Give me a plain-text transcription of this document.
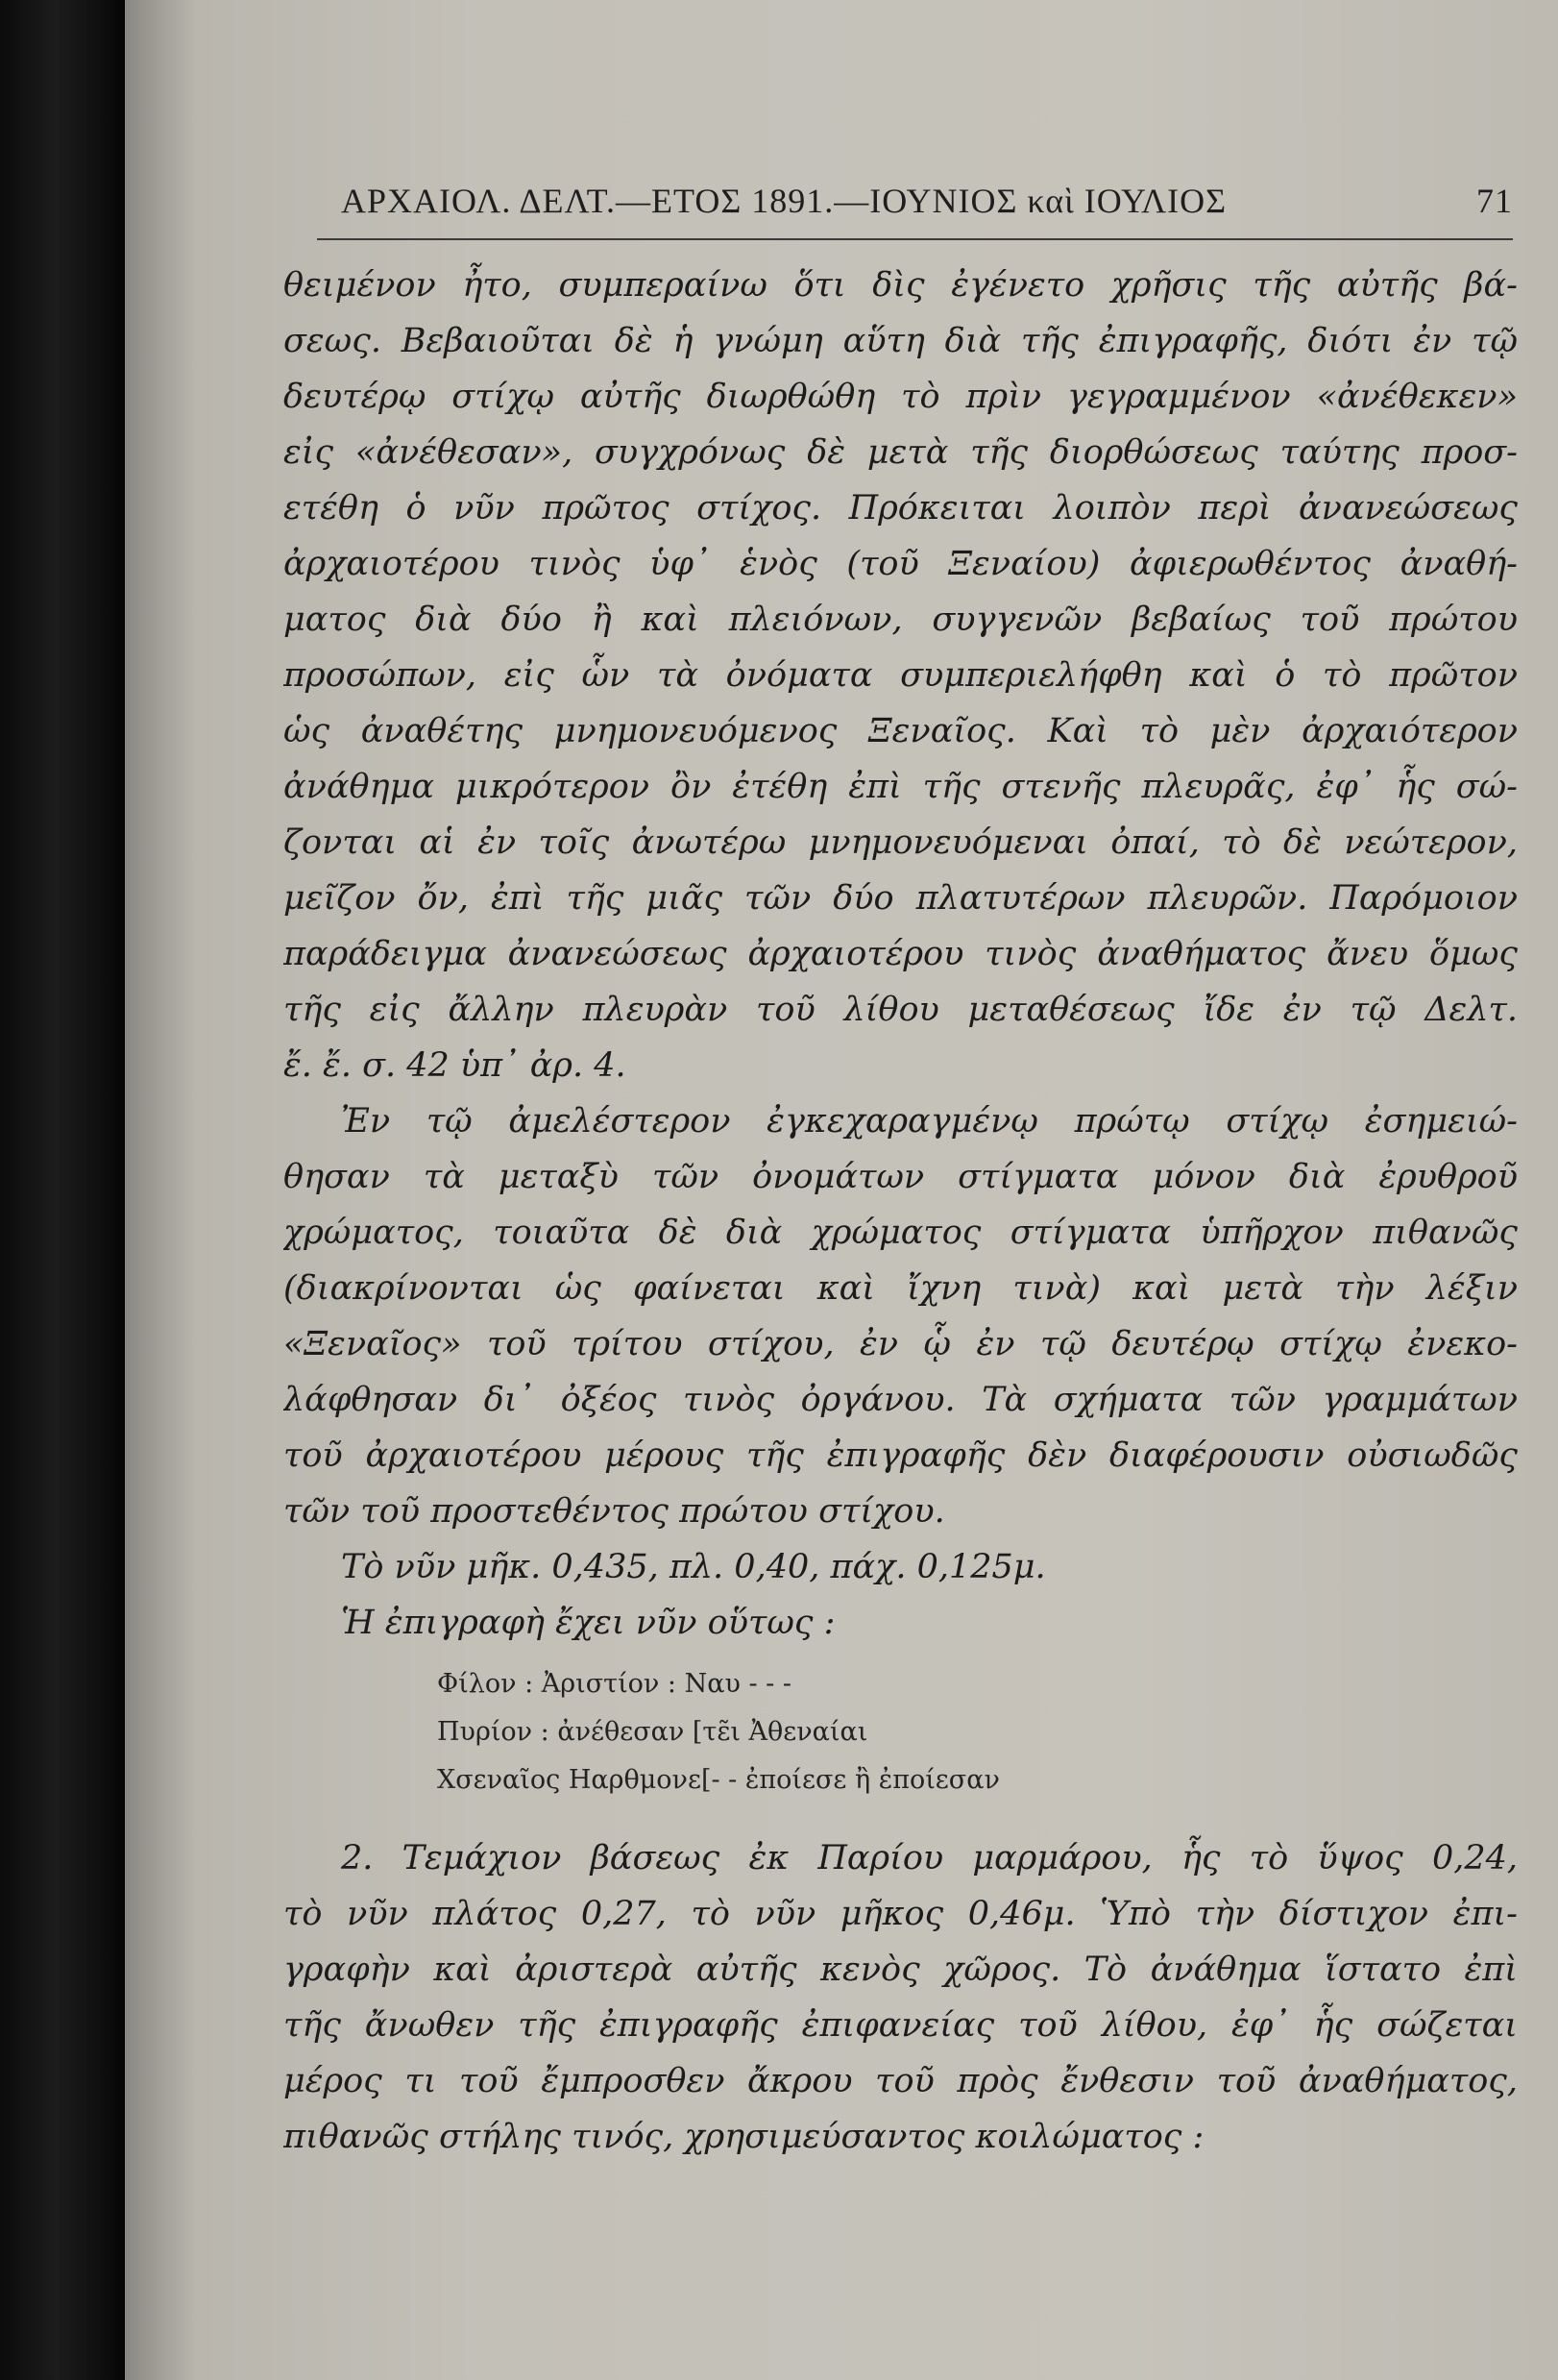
ΑΡΧΑΙΟΛ. ΔΕΛΤ.—ΕΤΟΣ 1891.—ΙΟΥΝΙΟΣ καὶ ΙΟΥΛΙΟΣ	71
θειμένον ἦτο, συμπεραίνω ὅτι δὶς ἐγένετο χρῆσις τῆς αὐτῆς βά-
σεως. Βεβαιοῦται δὲ ἡ γνώμη αὕτη διὰ τῆς ἐπιγραφῆς, διότι ἐν τῷ
δευτέρῳ στίχῳ αὐτῆς διωρθώθη τὸ πρὶν γεγραμμένον «ἀνέθεκεν»
εἰς «ἀνέθεσαν», συγχρόνως δὲ μετὰ τῆς διορθώσεως ταύτης προσ-
ετέθη ὁ νῦν πρῶτος στίχος. Πρόκειται λοιπὸν περὶ ἀνανεώσεως
ἀρχαιοτέρου τινὸς ὑφ᾽ ἑνὸς (τοῦ Ξεναίου) ἀφιερωθέντος ἀναθή-
ματος διὰ δύο ἢ καὶ πλειόνων, συγγενῶν βεβαίως τοῦ πρώτου
προσώπων, εἰς ὧν τὰ ὀνόματα συμπεριελήφθη καὶ ὁ τὸ πρῶτον
ὡς ἀναθέτης μνημονευόμενος Ξεναῖος. Καὶ τὸ μὲν ἀρχαιότερον
ἀνάθημα μικρότερον ὂν ἐτέθη ἐπὶ τῆς στενῆς πλευρᾶς, ἐφ᾽ ἧς σώ-
ζονται αἱ ἐν τοῖς ἀνωτέρω μνημονευόμεναι ὀπαί, τὸ δὲ νεώτερον,
μεῖζον ὄν, ἐπὶ τῆς μιᾶς τῶν δύο πλατυτέρων πλευρῶν. Παρόμοιον
παράδειγμα ἀνανεώσεως ἀρχαιοτέρου τινὸς ἀναθήματος ἄνευ ὅμως
τῆς εἰς ἄλλην πλευρὰν τοῦ λίθου μεταθέσεως ἴδε ἐν τῷ Δελτ.
ἔ. ἔ. σ. 42 ὑπ᾽ ἀρ. 4.
Ἐν τῷ ἀμελέστερον ἐγκεχαραγμένῳ πρώτῳ στίχῳ ἐσημειώ-
θησαν τὰ μεταξὺ τῶν ὀνομάτων στίγματα μόνον διὰ ἐρυθροῦ
χρώματος, τοιαῦτα δὲ διὰ χρώματος στίγματα ὑπῆρχον πιθανῶς
(διακρίνονται ὡς φαίνεται καὶ ἴχνη τινὰ) καὶ μετὰ τὴν λέξιν
«Ξεναῖος» τοῦ τρίτου στίχου, ἐν ᾧ ἐν τῷ δευτέρῳ στίχῳ ἐνεκο-
λάφθησαν δι᾽ ὀξέος τινὸς ὀργάνου. Τὰ σχήματα τῶν γραμμάτων
τοῦ ἀρχαιοτέρου μέρους τῆς ἐπιγραφῆς δὲν διαφέρουσιν οὐσιωδῶς
τῶν τοῦ προστεθέντος πρώτου στίχου.
Τὸ νῦν μῆκ. 0,435, πλ. 0,40, πάχ. 0,125μ.
Ἡ ἐπιγραφὴ ἔχει νῦν οὕτως :
Φίλον : Ἀριστίον : Ναυ - - -
Πυρίον : ἀνέθεσαν [τε̃ι Ἀθεναίαι
Χσεναῖος Ηαρθμονε[- - ἐποίεσε ἢ ἐποίεσαν
2. Τεμάχιον βάσεως ἐκ Παρίου μαρμάρου, ἧς τὸ ὕψος 0,24,
τὸ νῦν πλάτος 0,27, τὸ νῦν μῆκος 0,46μ. Ὑπὸ τὴν δίστιχον ἐπι-
γραφὴν καὶ ἀριστερὰ αὐτῆς κενὸς χῶρος. Τὸ ἀνάθημα ἵστατο ἐπὶ
τῆς ἄνωθεν τῆς ἐπιγραφῆς ἐπιφανείας τοῦ λίθου, ἐφ᾽ ἧς σώζεται
μέρος τι τοῦ ἔμπροσθεν ἄκρου τοῦ πρὸς ἔνθεσιν τοῦ ἀναθήματος,
πιθανῶς στήλης τινός, χρησιμεύσαντος κοιλώματος :
